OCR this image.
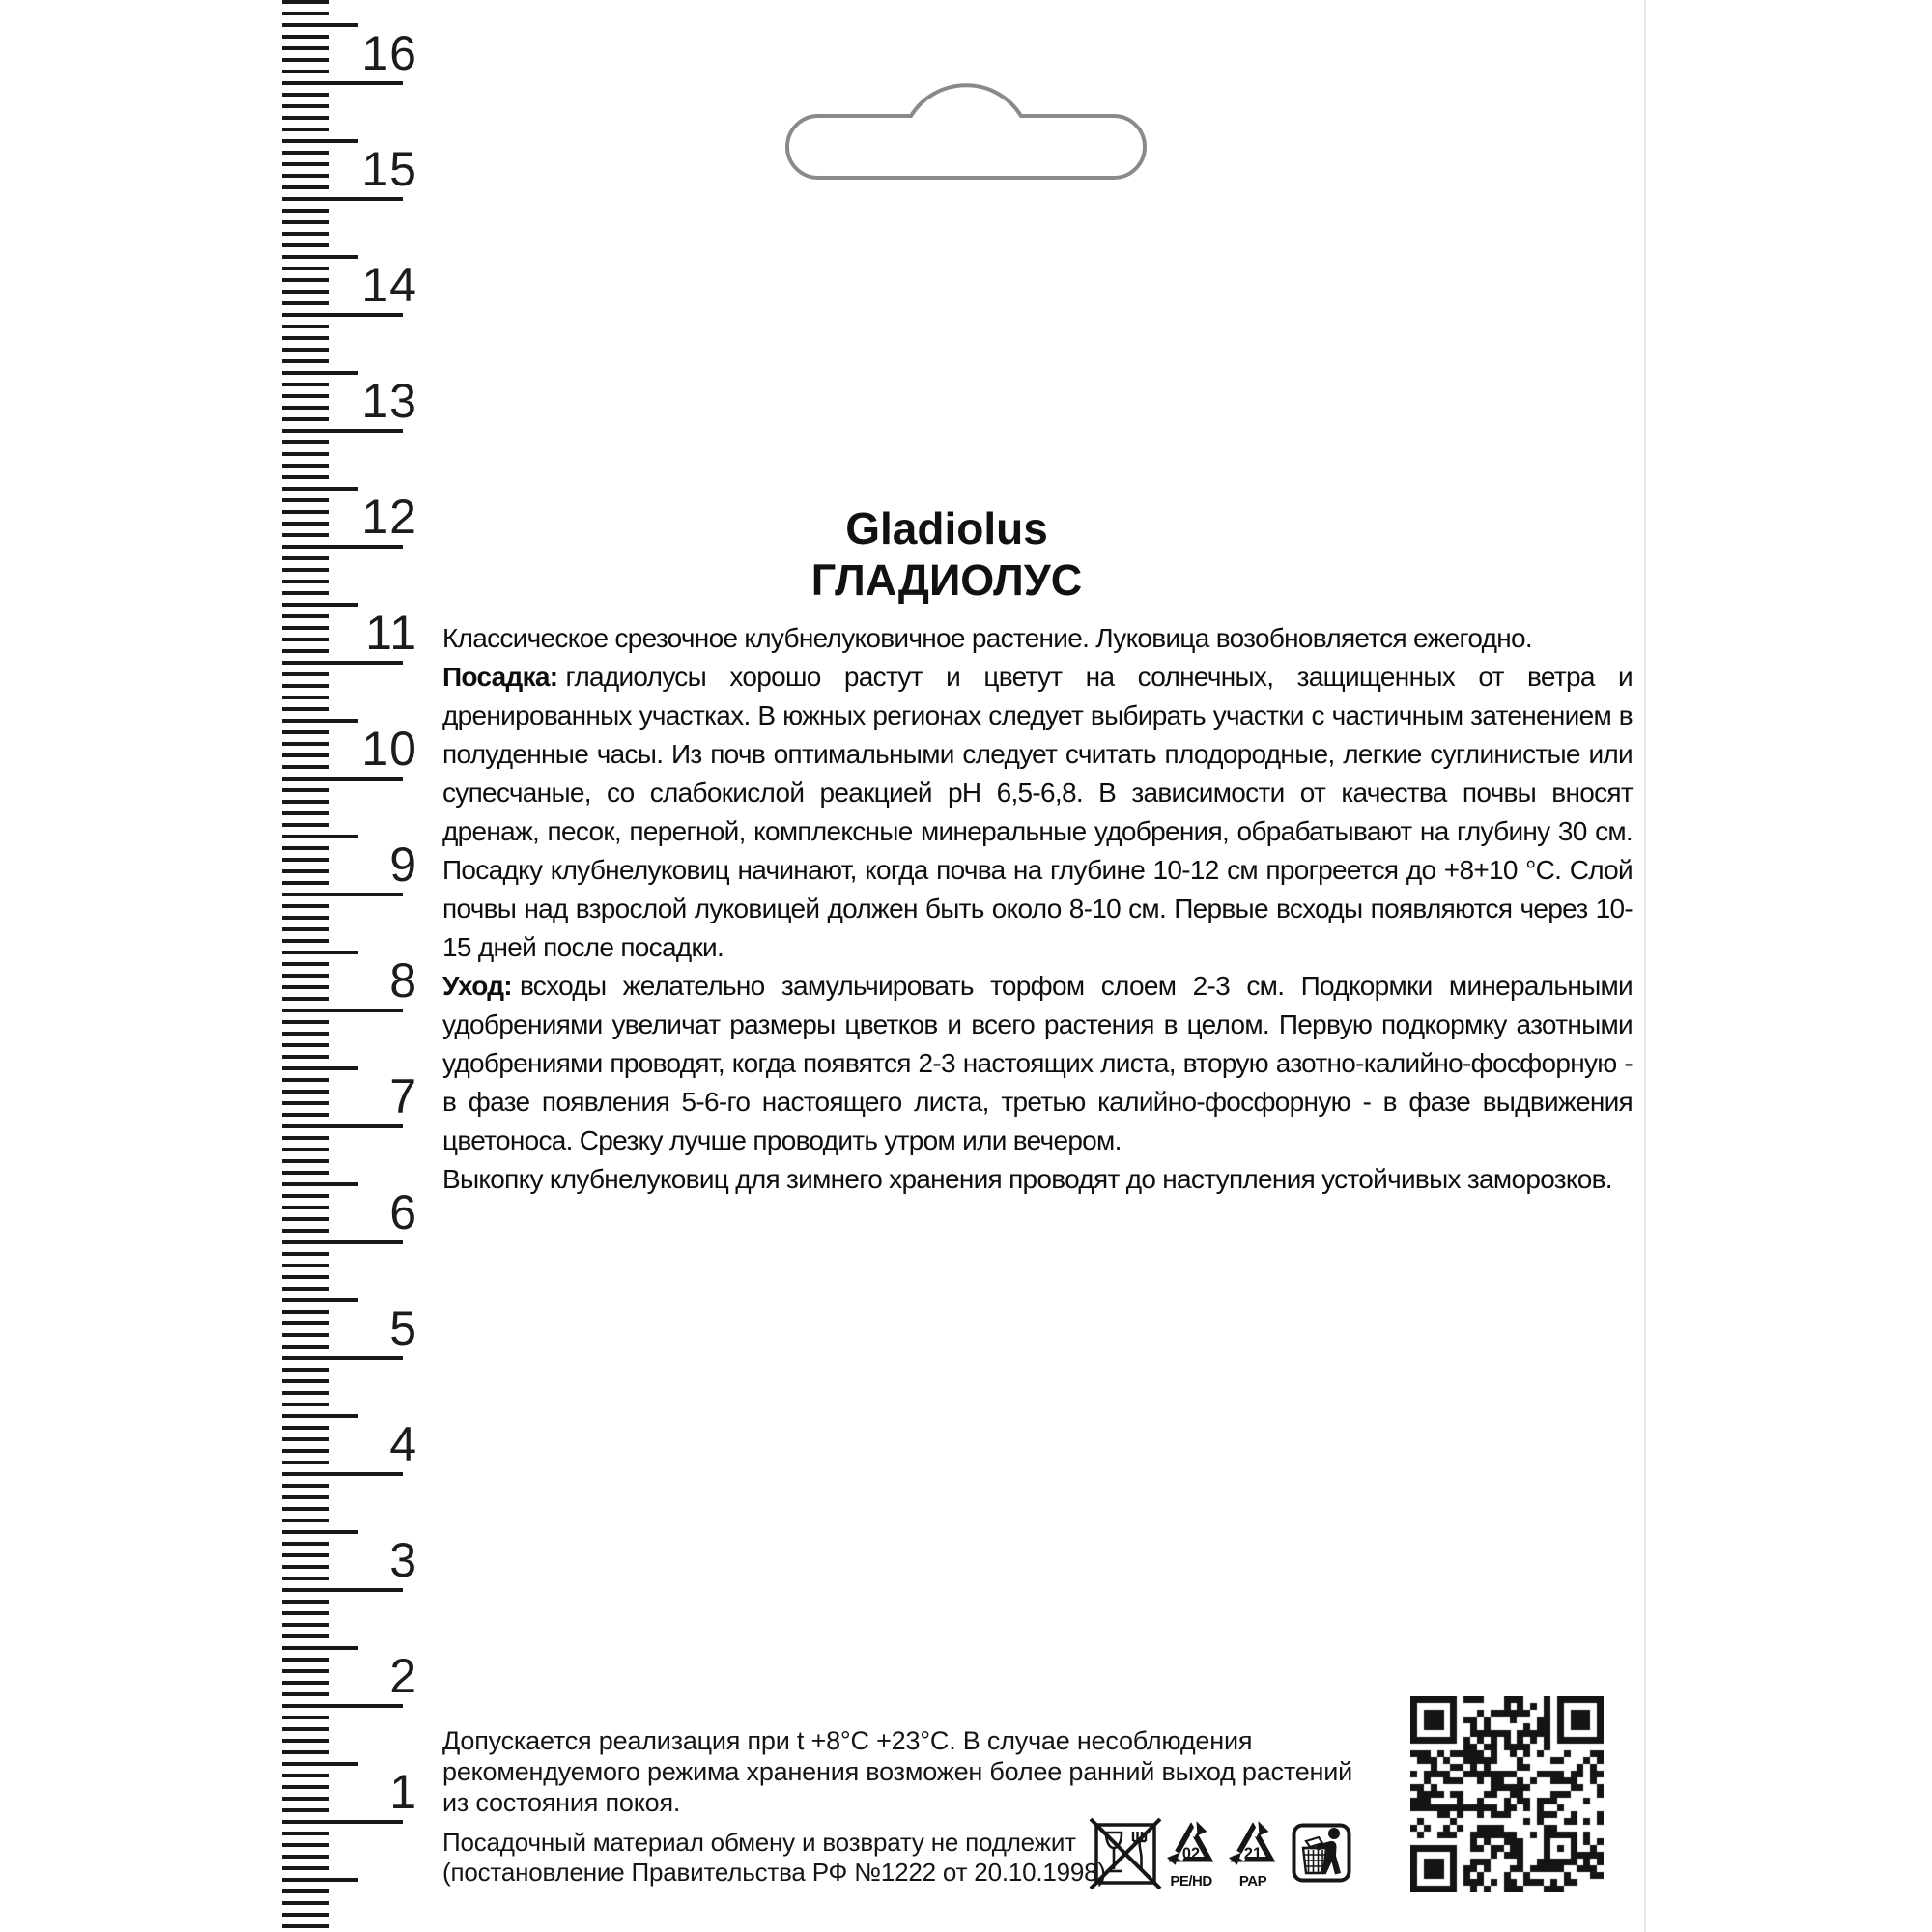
16
15
14
13
12
11
10
9
8
7
6
5
4
3
2
1
Gladiolus
ГЛАДИОЛУС

Классическое срезочное клубнелуковичное растение. Луковица возобновляется ежегодно.

Посадка: гладиолусы хорошо растут и цветут на солнечных, защищенных от ветра и дренированных участках. В южных регионах следует выбирать участки с частичным затенением в полуденные часы. Из почв оптимальными следует считать плодородные, легкие суглинистые или супесчаные, со слабокислой реакцией pH 6,5-6,8. В зависимости от качества почвы вносят дренаж, песок, перегной, комплексные минеральные удобрения, обрабатывают на глубину 30 см. Посадку клубнелуковиц начинают, когда почва на глубине 10-12 см прогреется до +8+10 °С. Слой почвы над взрослой луковицей должен быть около 8-10 см. Первые всходы появляются через 10-15 дней после посадки.

Уход: всходы желательно замульчировать торфом слоем 2-3 см. Подкормки минеральными удобрениями увеличат размеры цветков и всего растения в целом. Первую подкормку азотными удобрениями проводят, когда появятся 2-3 настоящих листа, вторую азотно-калийно-фосфорную - в фазе появления 5-6-го настоящего листа, третью калийно-фосфорную - в фазе выдвижения цветоноса. Срезку лучше проводить утром или вечером.

Выкопку клубнелуковиц для зимнего хранения проводят до наступления устойчивых заморозков.

Допускается реализация при t +8°C +23°C. В случае несоблюдения
рекомендуемого режима хранения возможен более ранний выход растений
из состояния покоя.
Посадочный материал обмену и возврату не подлежит
(постановление Правительства РФ №1222 от 20.10.1998)
02
PE/HD
21
PAP
